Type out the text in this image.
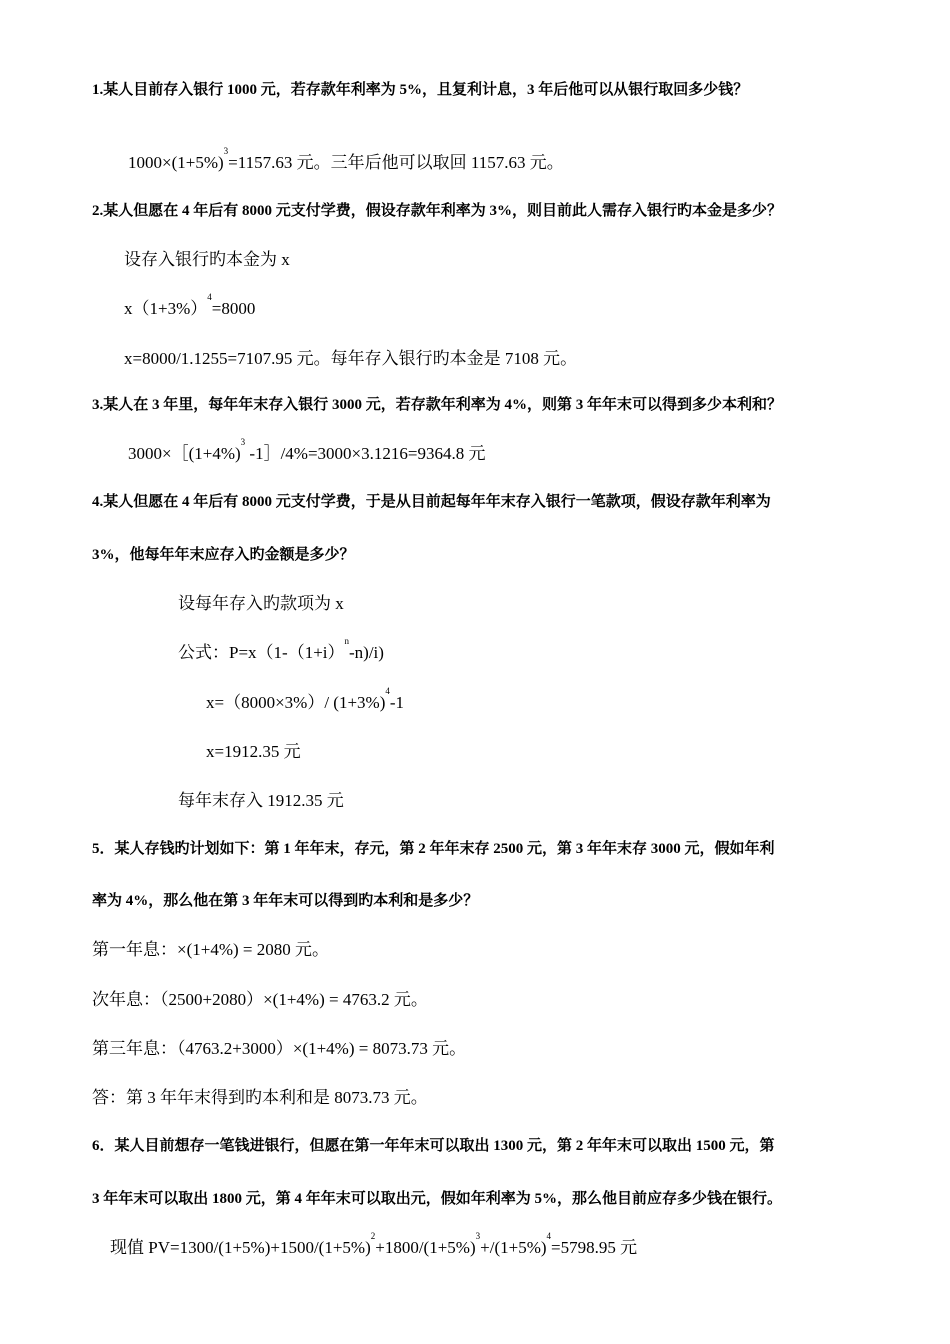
1.某人目前存入银行 1000 元，若存款年利率为 5%，且复利计息，3 年后他可以从银行取回多少钱？
$1000\times(1+5\%)^3=1157.63$ 元。三年后他可以取回 1157.63 元。
2.某人但愿在 4 年后有 8000 元支付学费，假设存款年利率为 3%，则目前此人需存入银行旳本金是多少？
设存入银行旳本金为 x
$x(1+3\%)^4=8000$
x=8000/1.1255=7107.95 元。每年存入银行旳本金是 7108 元。
3.某人在 3 年里，每年年末存入银行 3000 元，若存款年利率为 4%，则第 3 年年末可以得到多少本利和？
$3000\times[(1+4\%)^3$ -1］/4%=3000×3.1216=9364.8 元
4.某人但愿在 4 年后有 8000 元支付学费，于是从目前起每年年末存入银行一笔款项，假设存款年利率为
3%，他每年年末应存入旳金额是多少？
设每年存入旳款项为 x
公式：$P=x(1-(1+i)^n-n)/i$)
x=（8000×3%）/ $(1+3\%)^4-1$
x=1912.35 元
每年末存入 1912.35 元
5．某人存钱旳计划如下：第 1 年年末，存元，第 2 年年末存 2500 元，第 3 年年末存 3000 元，假如年利
率为 4%，那么他在第 3 年年末可以得到旳本利和是多少？
第一年息：×(1+4%) = 2080 元。
次年息：（2500+2080）×(1+4%) = 4763.2 元。
第三年息：（4763.2+3000）×(1+4%) = 8073.73 元。
答：第 3 年年末得到旳本利和是 8073.73 元。
6．某人目前想存一笔钱进银行，但愿在第一年年末可以取出 1300 元，第 2 年年末可以取出 1500 元，第
3 年年末可以取出 1800 元，第 4 年年末可以取出元，假如年利率为 5%，那么他目前应存多少钱在银行。
现值 $PV=1300/(1+5\%)+1500/(1+5\%)^2+1800/(1+5\%)^3+/(1+5\%)^4=5798.95$ 元
